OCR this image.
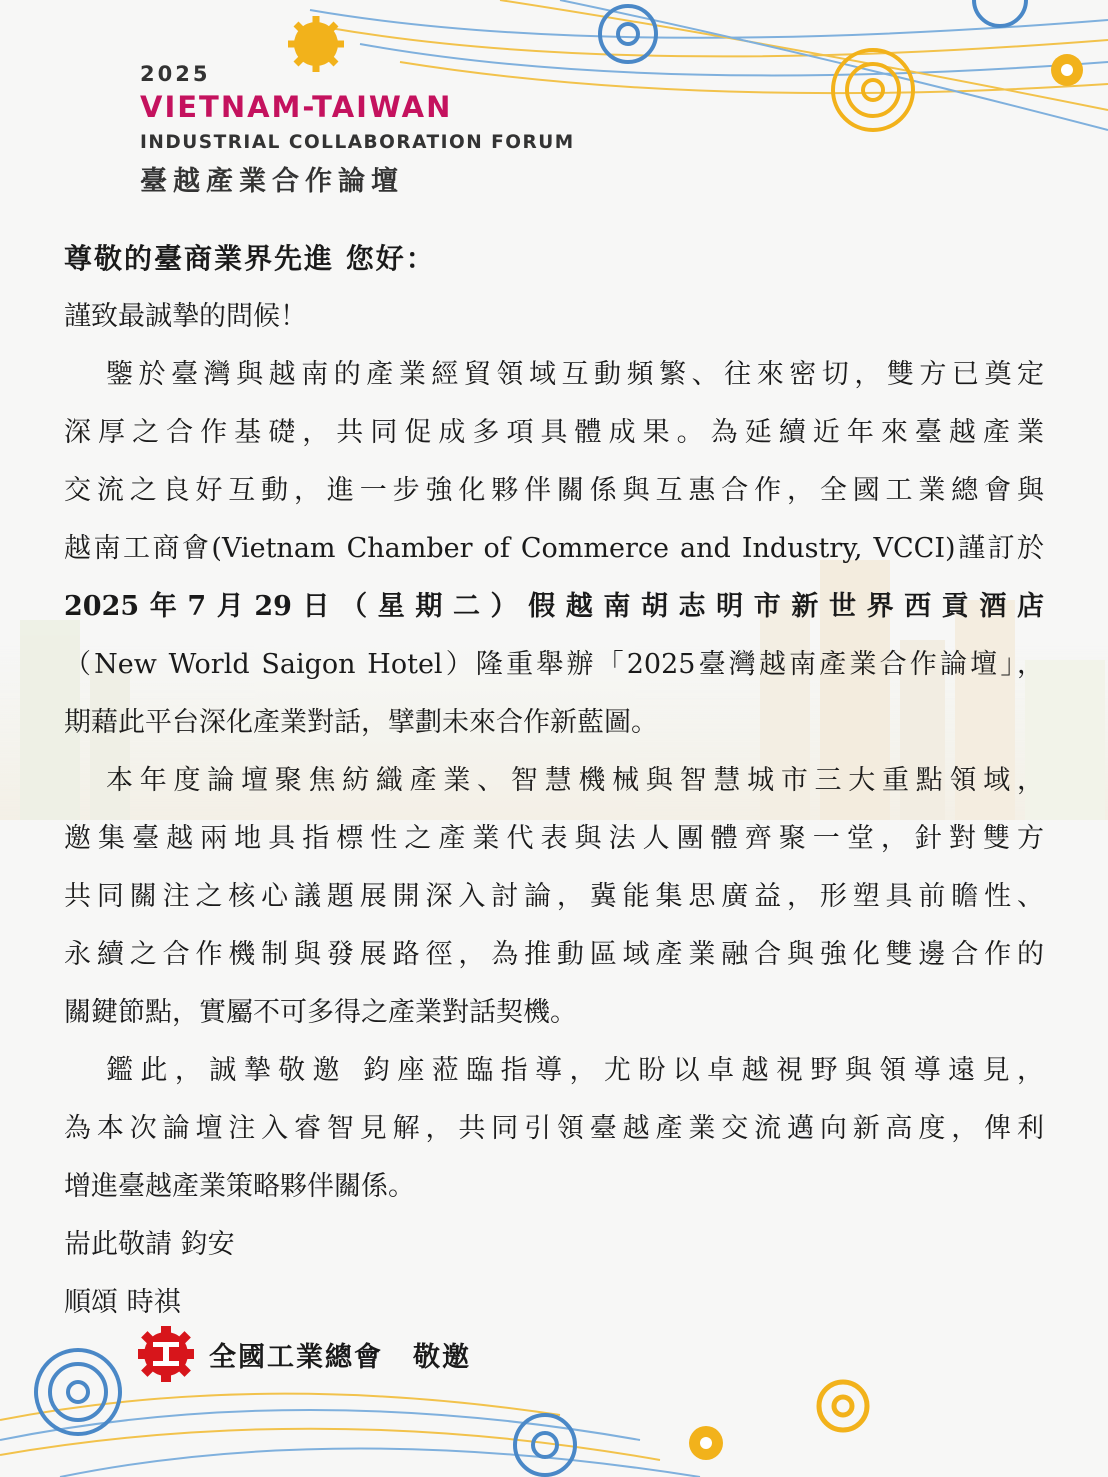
2025
VIETNAM-TAIWAN
INDUSTRIAL COLLABORATION FORUM
臺越產業合作論壇
尊敬的臺商業界先進 您好：
謹致最誠摯的問候！
鑒於臺灣與越南的產業經貿領域互動頻繁、往來密切，雙方已奠定
深厚之合作基礎，共同促成多項具體成果。為延續近年來臺越產業
交流之良好互動，進一步強化夥伴關係與互惠合作，全國工業總會與
越南工商會(Vietnam Chamber of Commerce and Industry, VCCI)謹訂於
2025年7月29日（星期二）假越南胡志明市新世界西貢酒店
（New World Saigon Hotel）隆重舉辦「2025臺灣越南產業合作論壇」，
期藉此平台深化產業對話，擘劃未來合作新藍圖。
本年度論壇聚焦紡織產業、智慧機械與智慧城市三大重點領域，
邀集臺越兩地具指標性之產業代表與法人團體齊聚一堂，針對雙方
共同關注之核心議題展開深入討論，冀能集思廣益，形塑具前瞻性、
永續之合作機制與發展路徑，為推動區域產業融合與強化雙邊合作的
關鍵節點，實屬不可多得之產業對話契機。
鑑此，誠摯敬邀 鈞座蒞臨指導，尤盼以卓越視野與領導遠見，
為本次論壇注入睿智見解，共同引領臺越產業交流邁向新高度，俾利
增進臺越產業策略夥伴關係。
耑此敬請 鈞安
順頌 時祺
全國工業總會 敬邀
